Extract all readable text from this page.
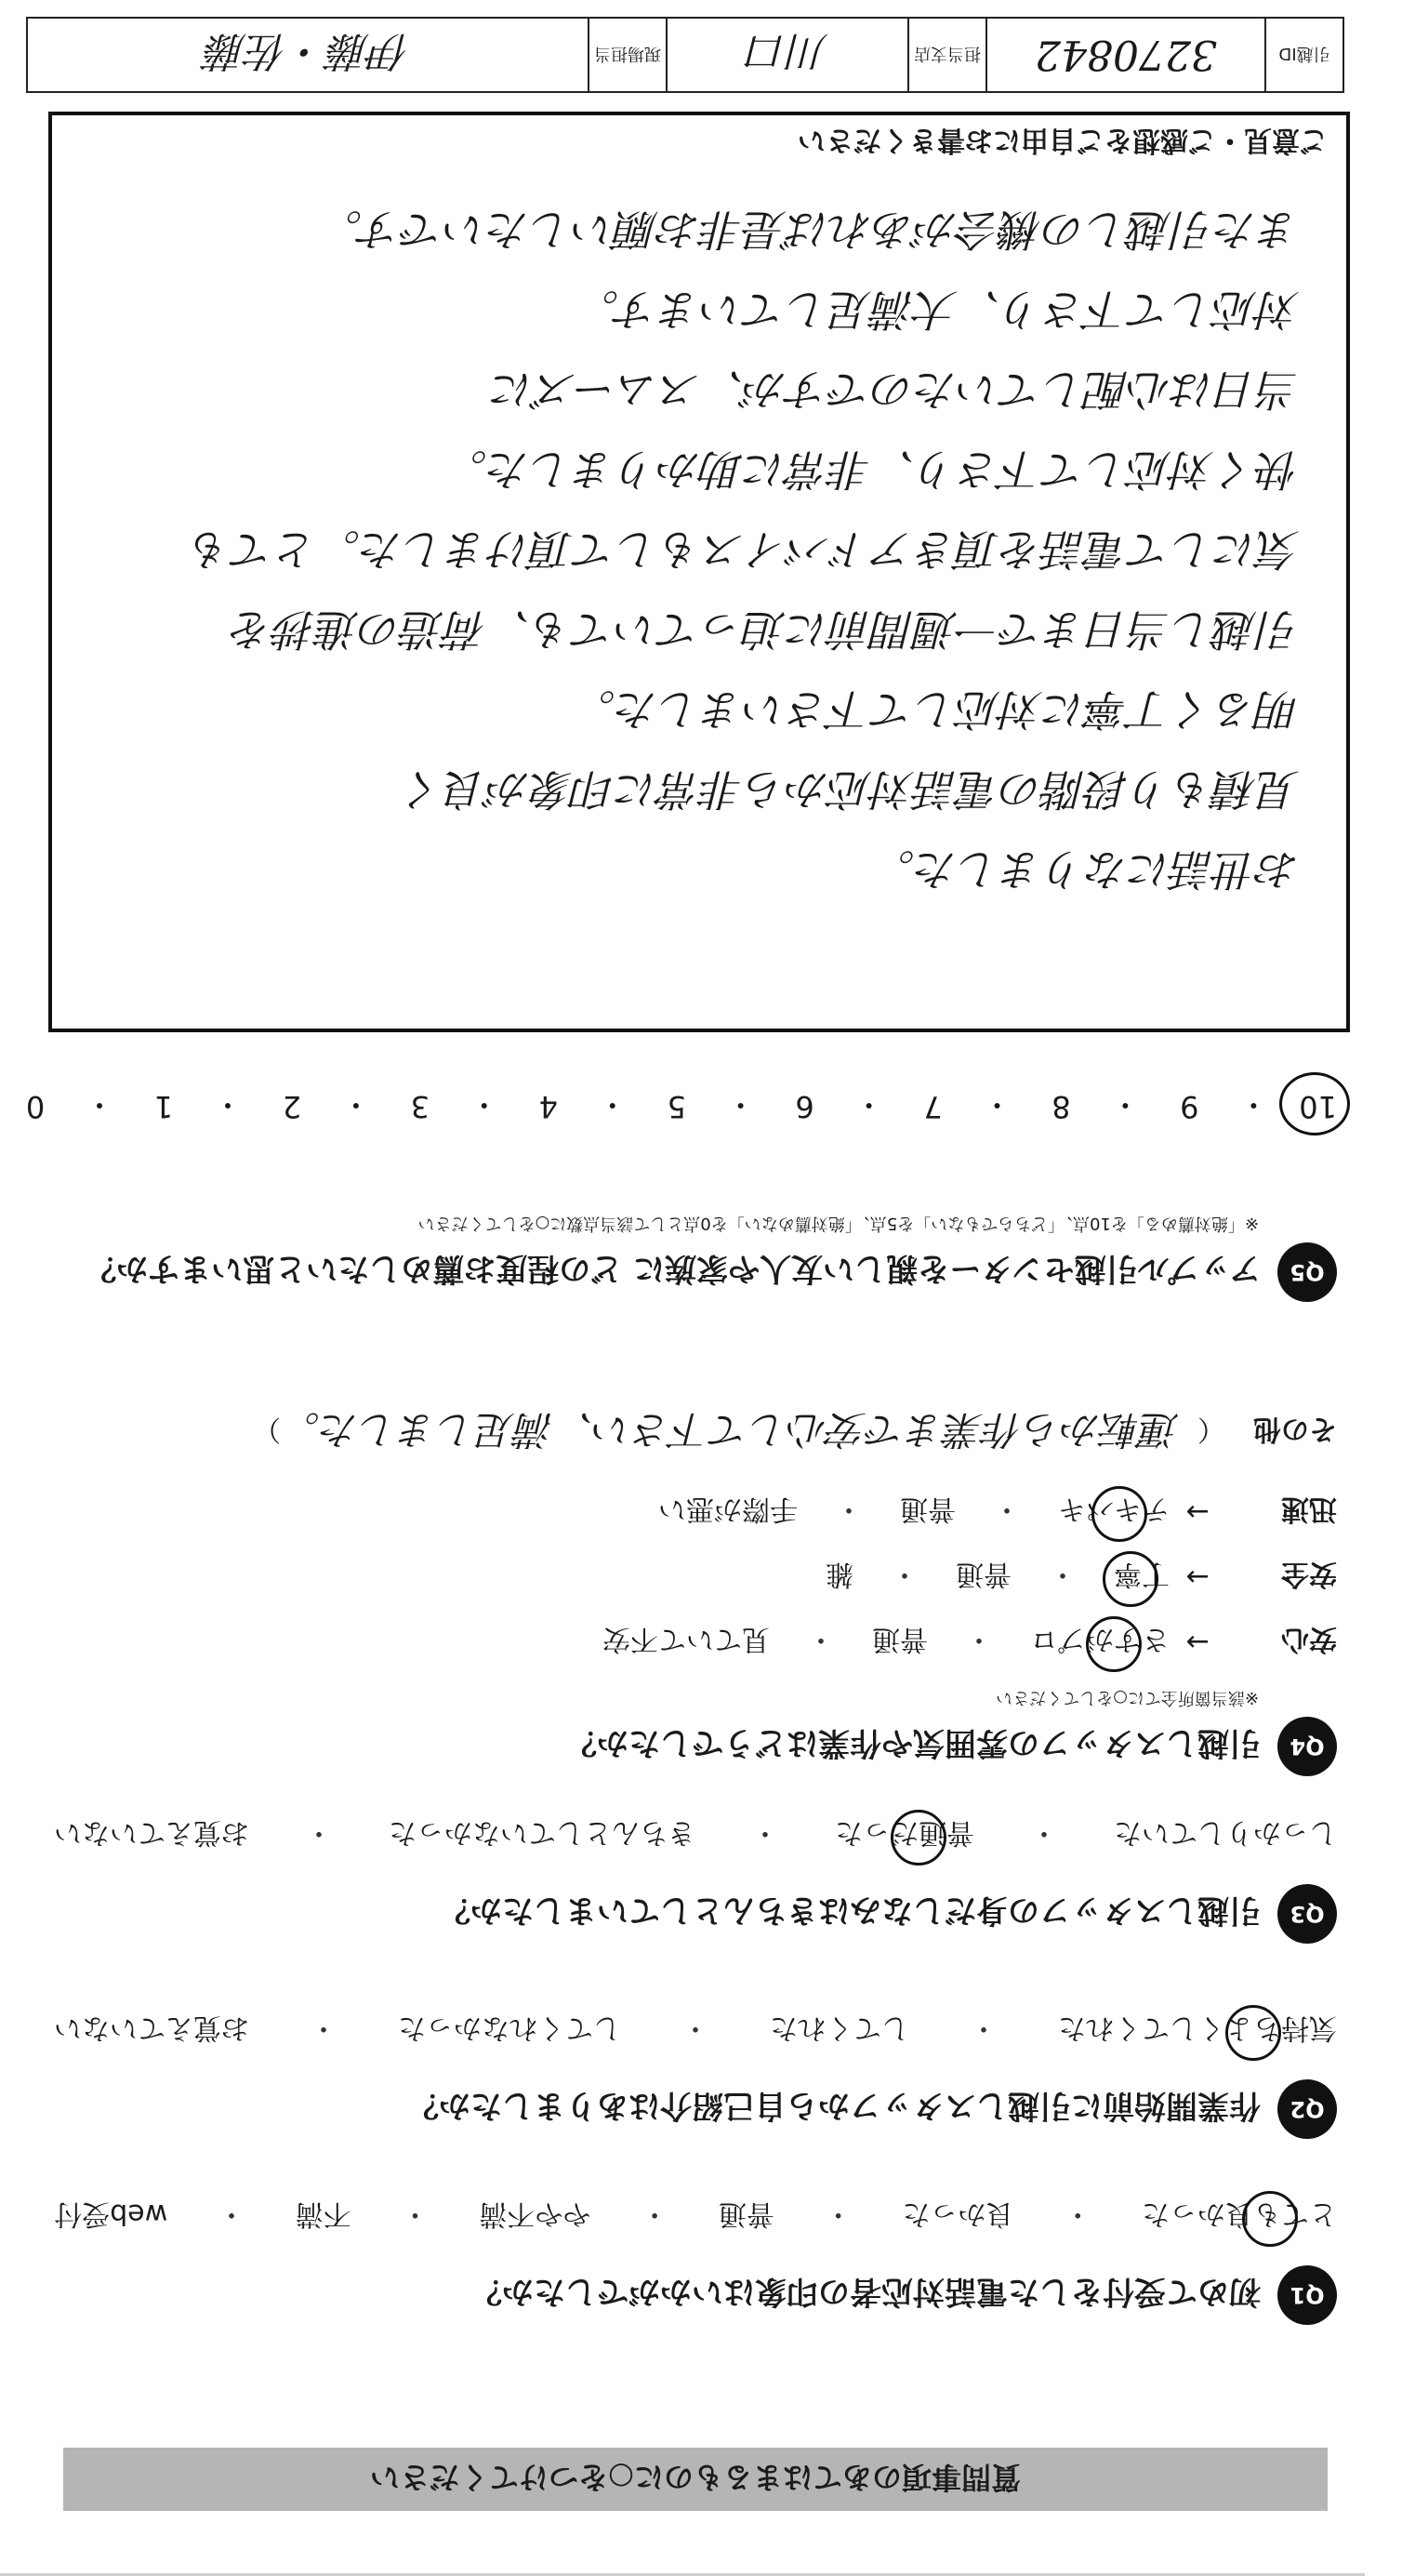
引越ID
3270842
担当支店
川口
現場担当
伊藤・佐藤
また引越しの機会があれば是非お願いしたいです。
対応して下さり、大満足しています。
当日は心配していたのですが、スムーズに
快く対応して下さり、非常に助かりました。
気にして電話を頂きアドバイスもして頂けました。とても
引越し当日まで一週間前に迫っていても、荷造の進捗を
明るく丁寧に対応して下さいました。
見積もり段階の電話対応から非常に印象が良く
お世話になりました。
ご意見・ご感想をご自由にお書きください
10
・
9
・
8
・
7
・
6
・
5
・
4
・
3
・
2
・
1
・
0
Q5
アップル引越センターを親しい友人や家族に どの程度お薦めしたいと思いますか？
※「絶対薦める」を10点、「どちらでもない」を5点、「絶対薦めない」を0点として該当点数に○をしてください
Q4
引越しスタッフの雰囲気や作業はどうでしたか？
※該当箇所全てに○をしてください
安心
→
さすがプロ
・
普通
・
見ていて不安
安全
→
丁寧
・
普通
・
雑
迅速
→
テキパキ
・
普通
・
手際が悪い
その他
（
運転から作業まで安心して下さい、満足しました。
）
Q3
引越しスタッフの身だしなみはきちんとしていましたか？
しっかりしていた
・
普通だった
・
きちんとしていなかった
・
お覚えていない
Q2
作業開始前に引越しスタッフから自己紹介はありましたか？
気持ちよくしてくれた
・
してくれた
・
してくれなかった
・
お覚えていない
Q1
初めて受付をした電話対応者の印象はいかがでしたか？
とても良かった
・
良かった
・
普通
・
やや不満
・
不満
・
web受付
質問事項のあてはまるものに○をつけてください
